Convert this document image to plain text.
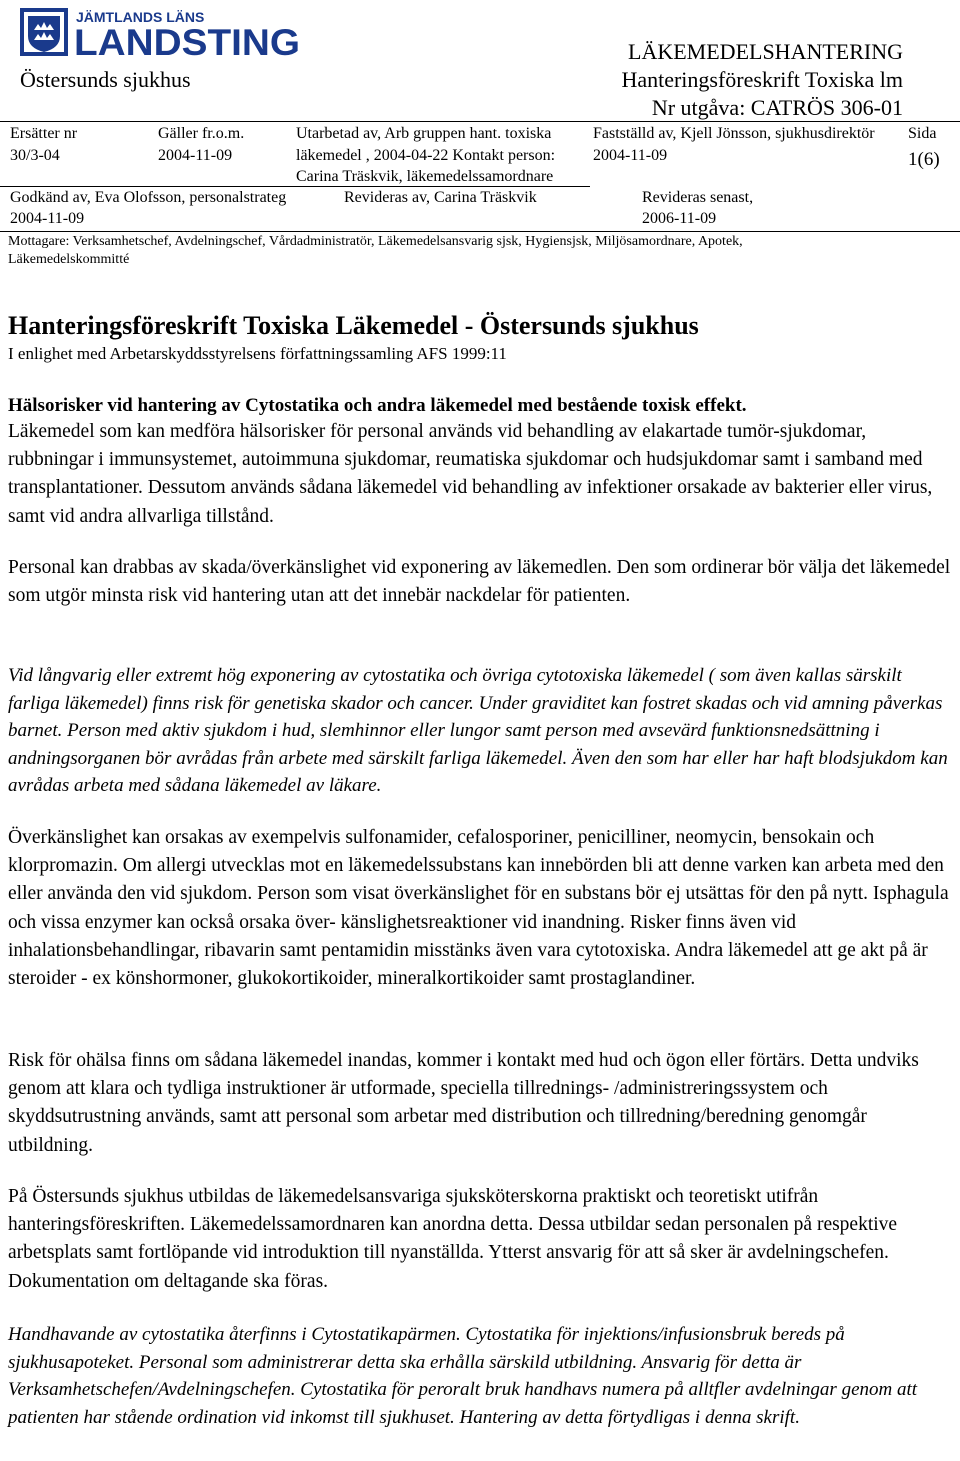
JÄMTLANDS LÄNS
LANDSTING
Östersunds sjukhus
LÄKEMEDELSHANTERING
Hanteringsföreskrift Toxiska lm
Nr utgåva: CATRÖS 306-01
Ersätter nr
30/3-04
Gäller fr.o.m.
2004-11-09
Utarbetad av, Arb gruppen hant. toxiska
läkemedel , 2004-04-22 Kontakt person:
Carina Träskvik, läkemedelssamordnare
Fastställd av, Kjell Jönsson, sjukhusdirektör
2004-11-09
Sida
1(6)
Godkänd av, Eva Olofsson, personalstrateg
2004-11-09
Revideras av, Carina Träskvik	Revideras senast,
2006-11-09
Mottagare: Verksamhetschef, Avdelningschef, Vårdadministratör, Läkemedelsansvarig sjsk, Hygiensjsk, Miljösamordnare, Apotek,
Läkemedelskommitté
Hanteringsföreskrift Toxiska Läkemedel - Östersunds sjukhus
I enlighet med Arbetarskyddsstyrelsens författningssamling AFS 1999:11
Hälsorisker vid hantering av Cytostatika och andra läkemedel med bestående toxisk effekt.

Läkemedel som kan medföra hälsorisker för personal används vid behandling av elakartade tumör-sjukdomar, rubbningar i immunsystemet, autoimmuna sjukdomar, reumatiska sjukdomar och hudsjukdomar samt i samband med transplantationer. Dessutom används sådana läkemedel vid behandling av infektioner orsakade av bakterier eller virus, samt vid andra allvarliga tillstånd.

Personal kan drabbas av skada/överkänslighet vid exponering av läkemedlen. Den som ordinerar bör välja det läkemedel som utgör minsta risk vid hantering utan att det innebär nackdelar för patienten.

Vid långvarig eller extremt hög exponering av cytostatika och övriga cytotoxiska läkemedel ( som även kallas särskilt farliga läkemedel) finns risk för genetiska skador och cancer. Under graviditet kan fostret skadas och vid amning påverkas barnet. Person med aktiv sjukdom i hud, slemhinnor eller lungor samt person med avsevärd funktionsnedsättning i andningsorganen bör avrådas från arbete med särskilt farliga läkemedel. Även den som har eller har haft blodsjukdom kan avrådas arbeta med sådana läkemedel av läkare.

Överkänslighet kan orsakas av exempelvis sulfonamider, cefalosporiner, penicilliner, neomycin, bensokain och klorpromazin. Om allergi utvecklas mot en läkemedelssubstans kan innebörden bli att denne varken kan arbeta med den eller använda den vid sjukdom. Person som visat överkänslighet för en substans bör ej utsättas för den på nytt. Isphagula och vissa enzymer kan också orsaka över- känslighetsreaktioner vid inandning. Risker finns även vid inhalationsbehandlingar, ribavarin samt pentamidin misstänks även vara cytotoxiska. Andra läkemedel att ge akt på är steroider - ex könshormoner, glukokortikoider, mineralkortikoider samt prostaglandiner.

Risk för ohälsa finns om sådana läkemedel inandas, kommer i kontakt med hud och ögon eller förtärs. Detta undviks genom att klara och tydliga instruktioner är utformade, speciella tillrednings- /administreringssystem och skyddsutrustning används, samt att personal som arbetar med distribution och tillredning/beredning genomgår utbildning.

På Östersunds sjukhus utbildas de läkemedelsansvariga sjuksköterskorna praktiskt och teoretiskt utifrån hanteringsföreskriften. Läkemedelssamordnaren kan anordna detta. Dessa utbildar sedan personalen på respektive arbetsplats samt fortlöpande vid introduktion till nyanställda. Ytterst ansvarig för att så sker är avdelningschefen. Dokumentation om deltagande ska föras.

Handhavande av cytostatika återfinns i Cytostatikapärmen. Cytostatika för injektions/infusionsbruk bereds på sjukhusapoteket. Personal som administrerar detta ska erhålla särskild utbildning. Ansvarig för detta är Verksamhetschefen/Avdelningschefen. Cytostatika för peroralt bruk handhavs numera på alltfler avdelningar genom att patienten har stående ordination vid inkomst till sjukhuset. Hantering av detta förtydligas i denna skrift.
